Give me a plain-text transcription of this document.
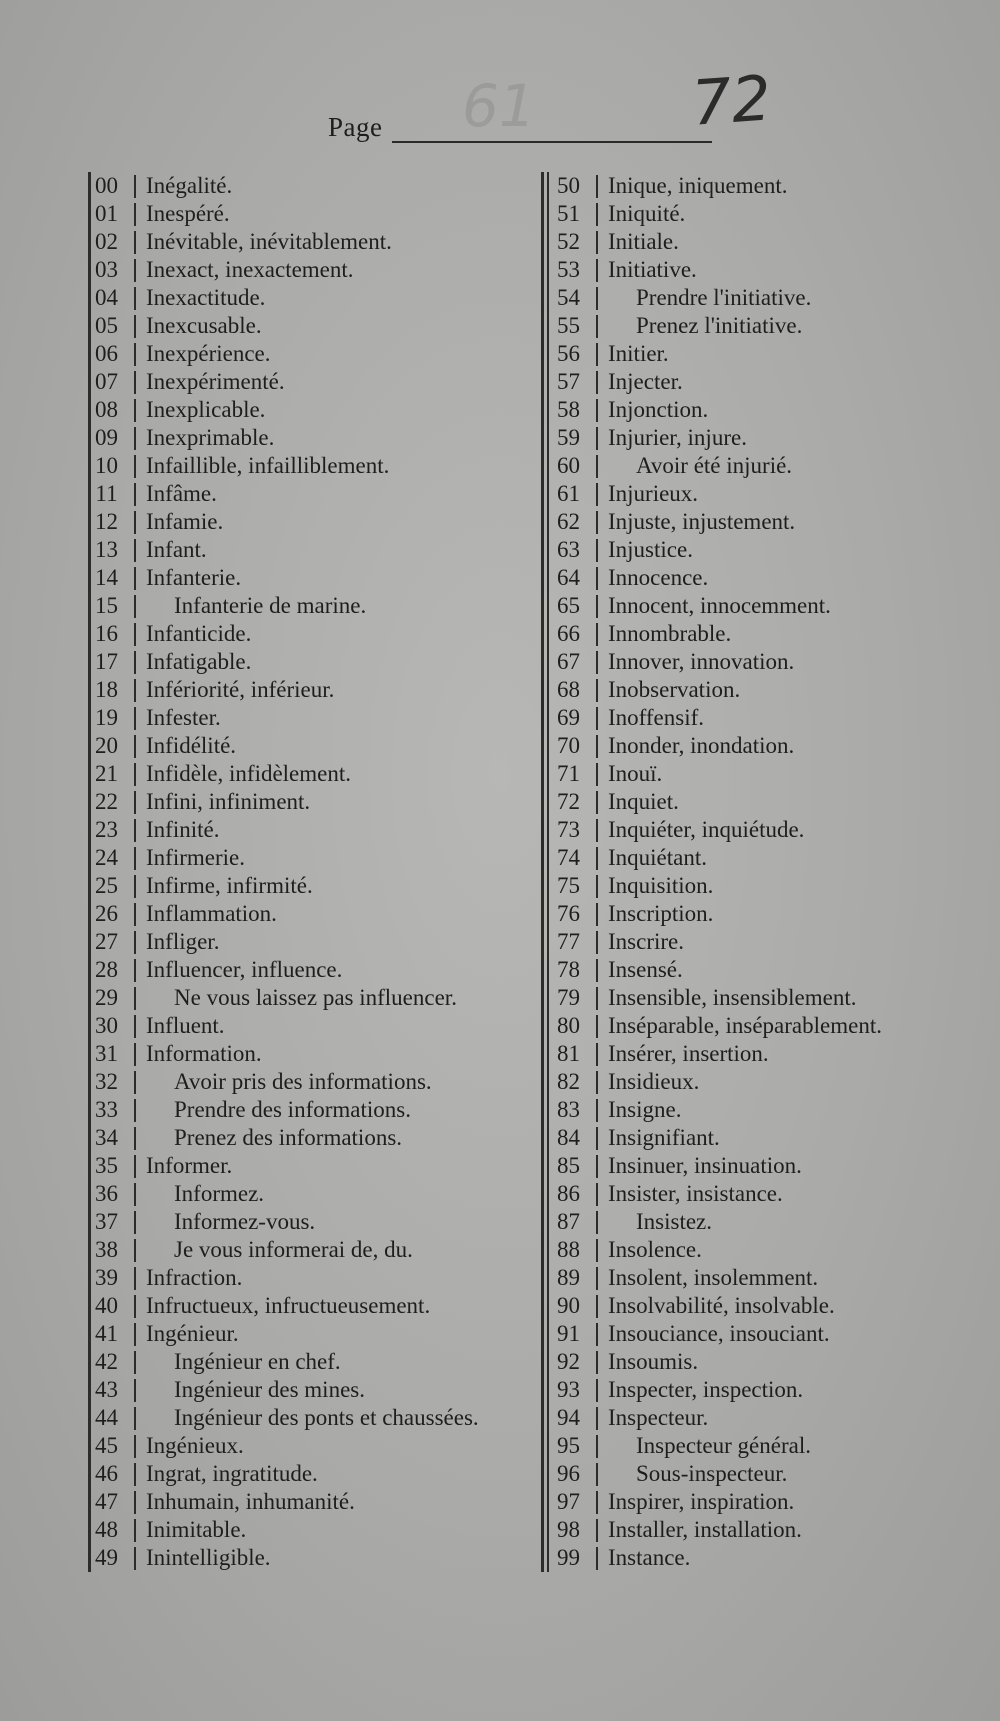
61
Page	72
00	Inégalité.
01	Inespéré.
02	Inévitable, inévitablement.
03	Inexact, inexactement.
04	Inexactitude.
05	Inexcusable.
06	Inexpérience.
07	Inexpérimenté.
08	Inexplicable.
09	Inexprimable.
10	Infaillible, infailliblement.
11	Infâme.
12	Infamie.
13	Infant.
14	Infanterie.
15	Infanterie de marine.
16	Infanticide.
17	Infatigable.
18	Infériorité, inférieur.
19	Infester.
20	Infidélité.
21	Infidèle, infidèlement.
22	Infini, infiniment.
23	Infinité.
24	Infirmerie.
25	Infirme, infirmité.
26	Inflammation.
27	Infliger.
28	Influencer, influence.
29	Ne vous laissez pas influencer.
30	Influent.
31	Information.
32	Avoir pris des informations.
33	Prendre des informations.
34	Prenez des informations.
35	Informer.
36	Informez.
37	Informez-vous.
38	Je vous informerai de, du.
39	Infraction.
40	Infructueux, infructueusement.
41	Ingénieur.
42	Ingénieur en chef.
43	Ingénieur des mines.
44	Ingénieur des ponts et chaussées.
45	Ingénieux.
46	Ingrat, ingratitude.
47	Inhumain, inhumanité.
48	Inimitable.
49	Inintelligible.
50	Inique, iniquement.
51	Iniquité.
52	Initiale.
53	Initiative.
54	Prendre l'initiative.
55	Prenez l'initiative.
56	Initier.
57	Injecter.
58	Injonction.
59	Injurier, injure.
60	Avoir été injurié.
61	Injurieux.
62	Injuste, injustement.
63	Injustice.
64	Innocence.
65	Innocent, innocemment.
66	Innombrable.
67	Innover, innovation.
68	Inobservation.
69	Inoffensif.
70	Inonder, inondation.
71	Inouï.
72	Inquiet.
73	Inquiéter, inquiétude.
74	Inquiétant.
75	Inquisition.
76	Inscription.
77	Inscrire.
78	Insensé.
79	Insensible, insensiblement.
80	Inséparable, inséparablement.
81	Insérer, insertion.
82	Insidieux.
83	Insigne.
84	Insignifiant.
85	Insinuer, insinuation.
86	Insister, insistance.
87	Insistez.
88	Insolence.
89	Insolent, insolemment.
90	Insolvabilité, insolvable.
91	Insouciance, insouciant.
92	Insoumis.
93	Inspecter, inspection.
94	Inspecteur.
95	Inspecteur général.
96	Sous-inspecteur.
97	Inspirer, inspiration.
98	Installer, installation.
99	Instance.
